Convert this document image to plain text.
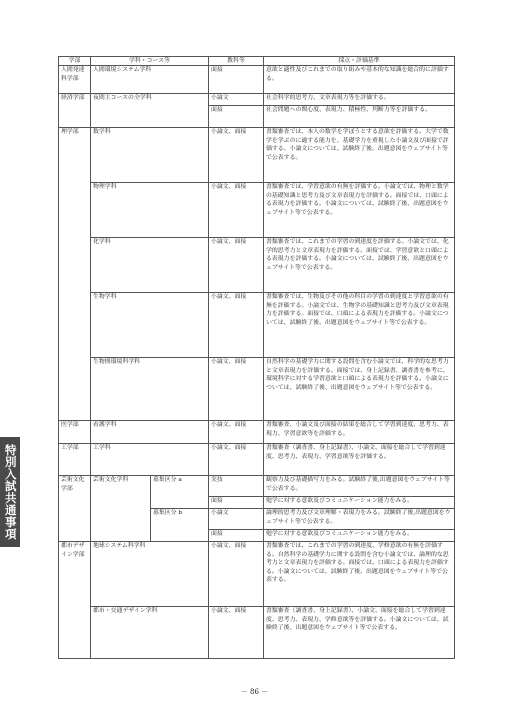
学部	学科・コース等		教科等	採点・評価基準
人間発達科学部	人間環境システム学科		面接	意欲と適性及びこれまでの取り組みや基本的な知識を総合的に評価する。
経済学部	夜間主コースの全学科		小論文	社会科学的思考力、文章表現力等を評価する。
			面接	社会問題への関心度、表現力、積極性、判断力等を評価する。
理学部	数学科		小論文、面接	書類審査では、本人の数学を学ぼうとする意欲を評価する。大学で数学を学ぶのに適する能力を、基礎学力を重視した小論文及び面接で評価する。小論文については、試験終了後、出題意図をウェブサイト等で公表する。
	物理学科		小論文、面接	書類審査では、学習意欲の有無を評価する。小論文では、物理と数学の基礎知識と思考力及び文章表現力を評価する。面接では、口頭による表現力を評価する。小論文については、試験終了後、出題意図をウェブサイト等で公表する。
	化学科		小論文、面接	書類審査では、これまでの学習の到達度を評価する。小論文では、化学的思考力と文章表現力を評価する。面接では、学習意欲と口頭による表現力を評価する。小論文については、試験終了後、出題意図をウェブサイト等で公表する。
	生物学科		小論文、面接	書類審査では、生物及びその他の科目の学習の到達度と学習意欲の有無を評価する。小論文では、生物学の基礎知識と思考力及び文章表現力を評価する。面接では、口頭による表現力を評価する。小論文については、試験終了後、出題意図をウェブサイト等で公表する。
	生物圏環境科学科		小論文、面接	自然科学の基礎学力に関する設問を含む小論文では、科学的な思考力と文章表現力を評価する。面接では、身上記録書、調査書を参考に、環境科学に対する学習意欲と口頭による表現力を評価する。小論文については、試験終了後、出題意図をウェブサイト等で公表する。
医学部	看護学科		小論文、面接	書類審査、小論文及び面接の結果を総合して学習到達度、思考力、表現力、学習意欲等を評価する。
工学部	工学科		小論文、面接	書類審査（調査書、身上記録書）、小論文、面接を総合して学習到達度、思考力、表現力、学習意欲等を評価する。
芸術文化学部	芸術文化学科	募集区分 a	実技	観察力及び基礎描写力をみる。試験終了後,出題意図をウェブサイト等で公表する。
			面接	勉学に対する意欲及びコミュニケーション能力をみる。
		募集区分 b	小論文	論理的思考力及び文章理解・表現力をみる。試験終了後,出題意図をウェブサイト等で公表する。
			面接	勉学に対する意欲及びコミュニケーション能力をみる。
都市デザイン学部	地球システム科学科		小論文、面接	書類審査では、これまでの学習の到達度、学修意欲の有無を評価する。自然科学の基礎学力に関する設問を含む小論文では、論理的な思考力と文章表現力を評価する。面接では、口頭による表現力を評価する。小論文については、試験終了後、出題意図をウェブサイト等で公表する。
	都市・交通デザイン学科		小論文、面接	書類審査（調査書、身上記録書）、小論文、面接を総合して学習到達度、思考力、表現力、学修意欲等を評価する。小論文については、試験終了後、出題意図をウェブサイト等で公表する。
特別入試共通事項
－ 86 －
